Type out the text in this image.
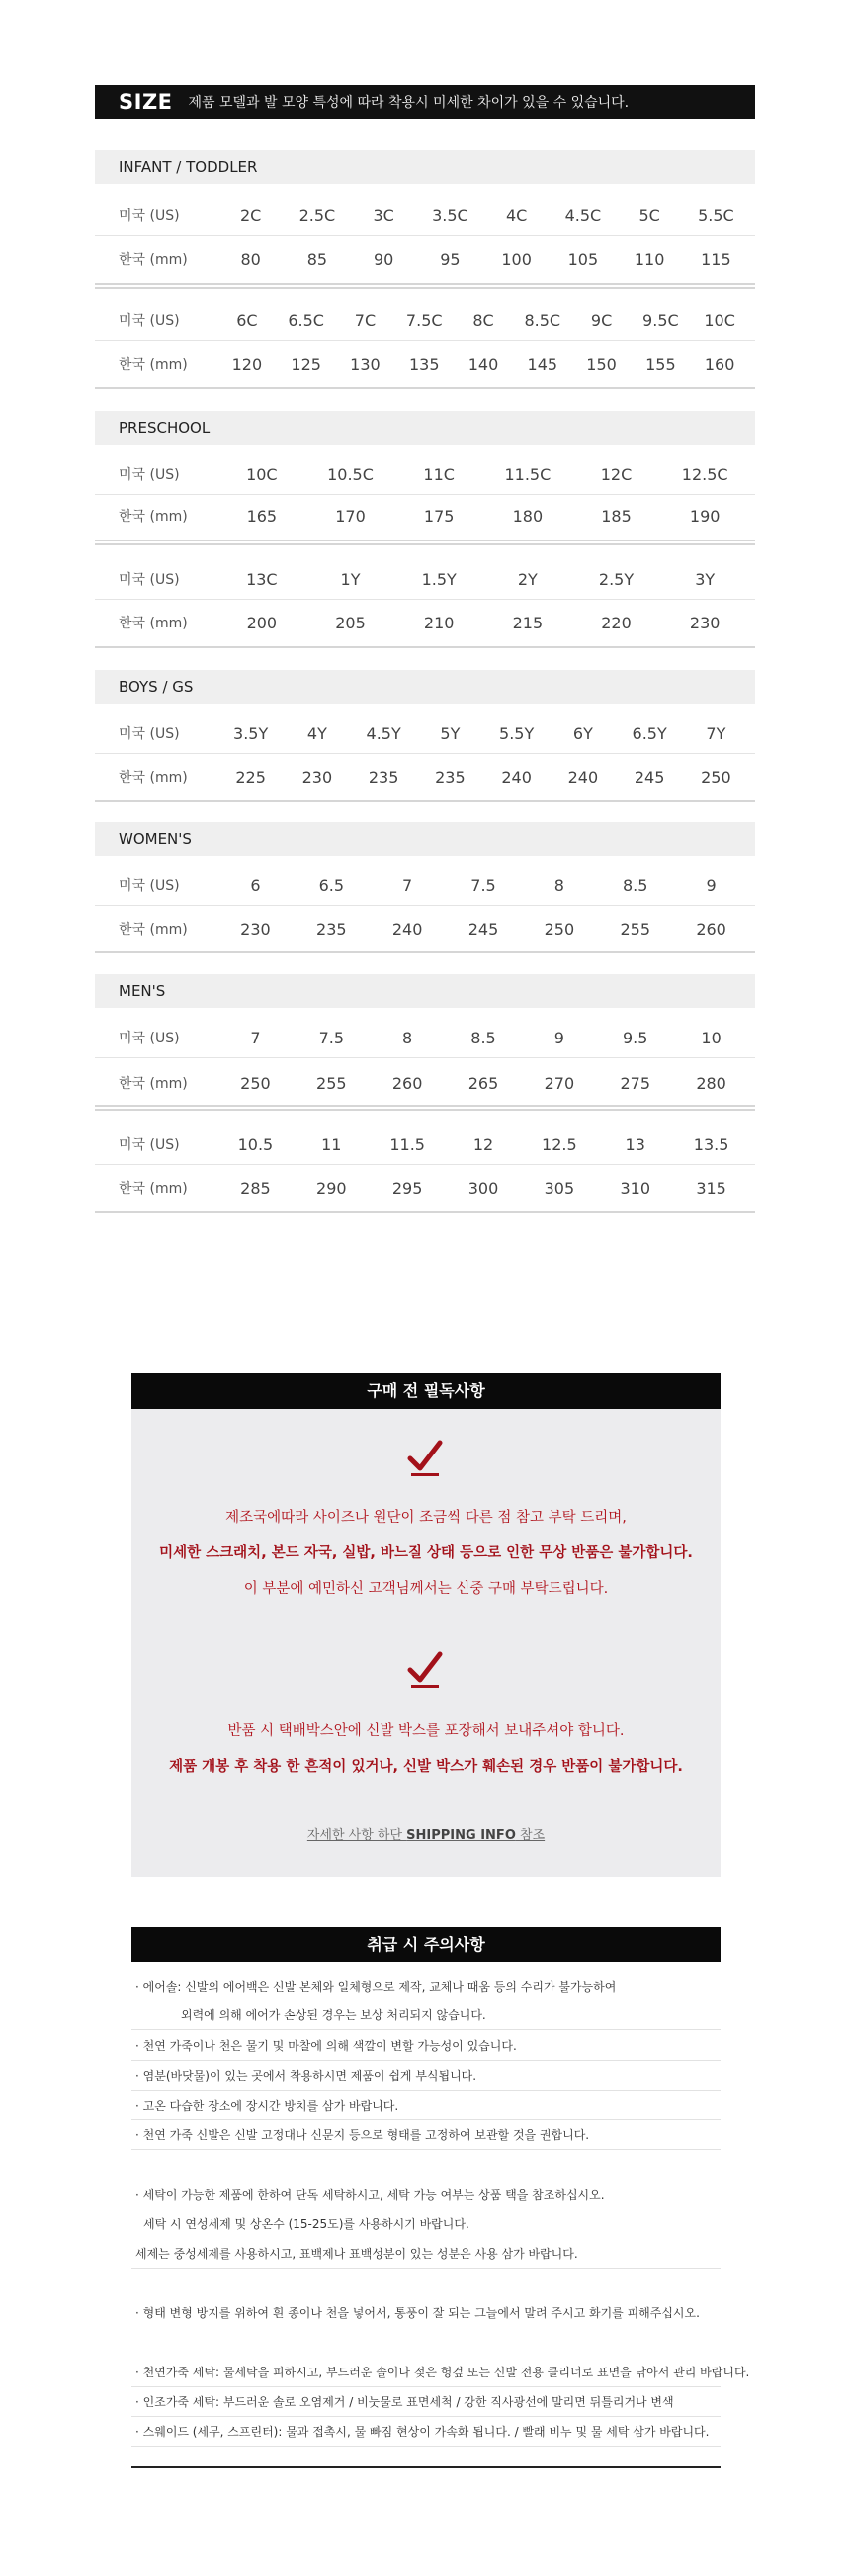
SIZE 제품 모델과 발 모양 특성에 따라 착용시 미세한 차이가 있을 수 있습니다.
INFANT / TODDLER
미국 (US)	2C	2.5C	3C	3.5C	4C	4.5C	5C	5.5C
한국 (mm)	80	85	90	95	100	105	110	115
미국 (US)	6C	6.5C	7C	7.5C	8C	8.5C	9C	9.5C	10C
한국 (mm)	120	125	130	135	140	145	150	155	160
PRESCHOOL
미국 (US)	10C	10.5C	11C	11.5C	12C	12.5C
한국 (mm)	165	170	175	180	185	190
미국 (US)	13C	1Y	1.5Y	2Y	2.5Y	3Y
한국 (mm)	200	205	210	215	220	230
BOYS / GS
미국 (US)	3.5Y	4Y	4.5Y	5Y	5.5Y	6Y	6.5Y	7Y
한국 (mm)	225	230	235	235	240	240	245	250
WOMEN'S
미국 (US)	6	6.5	7	7.5	8	8.5	9
한국 (mm)	230	235	240	245	250	255	260
MEN'S
미국 (US)	7	7.5	8	8.5	9	9.5	10
한국 (mm)	250	255	260	265	270	275	280
미국 (US)	10.5	11	11.5	12	12.5	13	13.5
한국 (mm)	285	290	295	300	305	310	315
구매 전 필독사항
제조국에따라 사이즈나 원단이 조금씩 다른 점 참고 부탁 드리며,
미세한 스크래치, 본드 자국, 실밥, 바느질 상태 등으로 인한 무상 반품은 불가합니다.
이 부분에 예민하신 고객님께서는 신중 구매 부탁드립니다.
반품 시 택배박스안에 신발 박스를 포장해서 보내주셔야 합니다.
제품 개봉 후 착용 한 흔적이 있거나, 신발 박스가 훼손된 경우 반품이 불가합니다.
자세한 사항 하단 SHIPPING INFO 참조
취급 시 주의사항
· 에어솔: 신발의 에어백은 신발 본체와 일체형으로 제작, 교체나 때움 등의 수리가 불가능하여
외력에 의해 에어가 손상된 경우는 보상 처리되지 않습니다.
· 천연 가죽이나 천은 물기 및 마찰에 의해 색깔이 변할 가능성이 있습니다.
· 염분(바닷물)이 있는 곳에서 착용하시면 제품이 쉽게 부식됩니다.
· 고온 다습한 장소에 장시간 방치를 삼가 바랍니다.
· 천연 가죽 신발은 신발 고정대나 신문지 등으로 형태를 고정하여 보관할 것을 권합니다.
· 세탁이 가능한 제품에 한하여 단독 세탁하시고, 세탁 가능 여부는 상품 택을 참조하십시오.
세탁 시 연성세제 및 상온수 (15-25도)를 사용하시기 바랍니다.
세제는 중성세제를 사용하시고, 표백제나 표백성분이 있는 성분은 사용 삼가 바랍니다.
· 형태 변형 방지를 위하여 흰 종이나 천을 넣어서, 통풍이 잘 되는 그늘에서 말려 주시고 화기를 피해주십시오.
· 천연가죽 세탁: 물세탁을 피하시고, 부드러운 솔이나 젖은 헝겊 또는 신발 전용 클리너로 표면을 닦아서 관리 바랍니다.
· 인조가죽 세탁: 부드러운 솔로 오염제거 / 비눗물로 표면세척 / 강한 직사광선에 말리면 뒤틀리거나 변색
· 스웨이드 (세무, 스프린터): 물과 접촉시, 물 빠짐 현상이 가속화 됩니다. / 빨래 비누 및 물 세탁 삼가 바랍니다.
